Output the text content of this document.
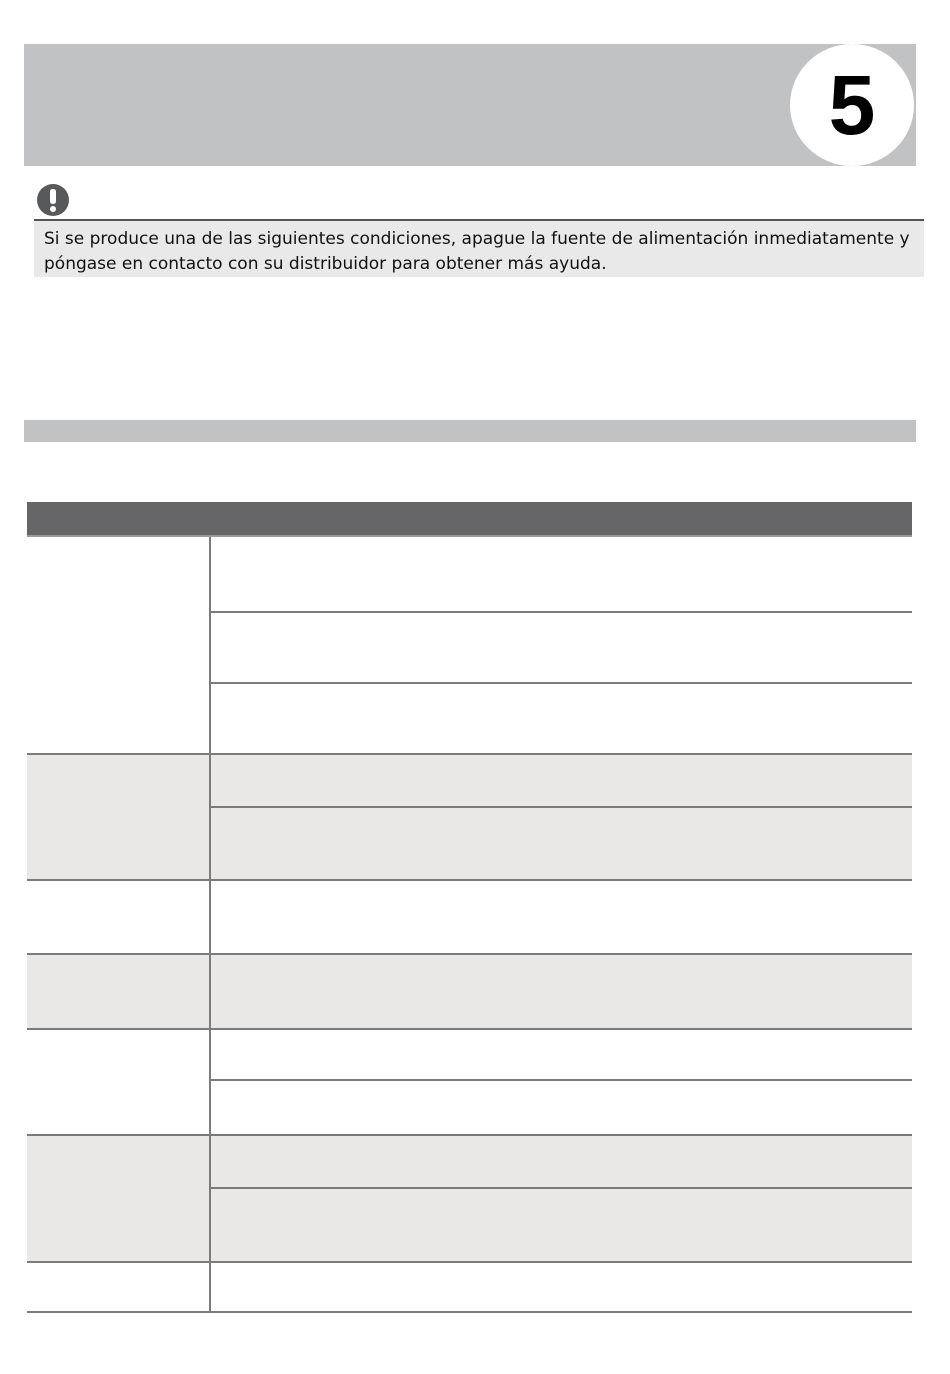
5
Si se produce una de las siguientes condiciones, apague la fuente de alimentación inmediatamente y póngase en contacto con su distribuidor para obtener más ayuda.
